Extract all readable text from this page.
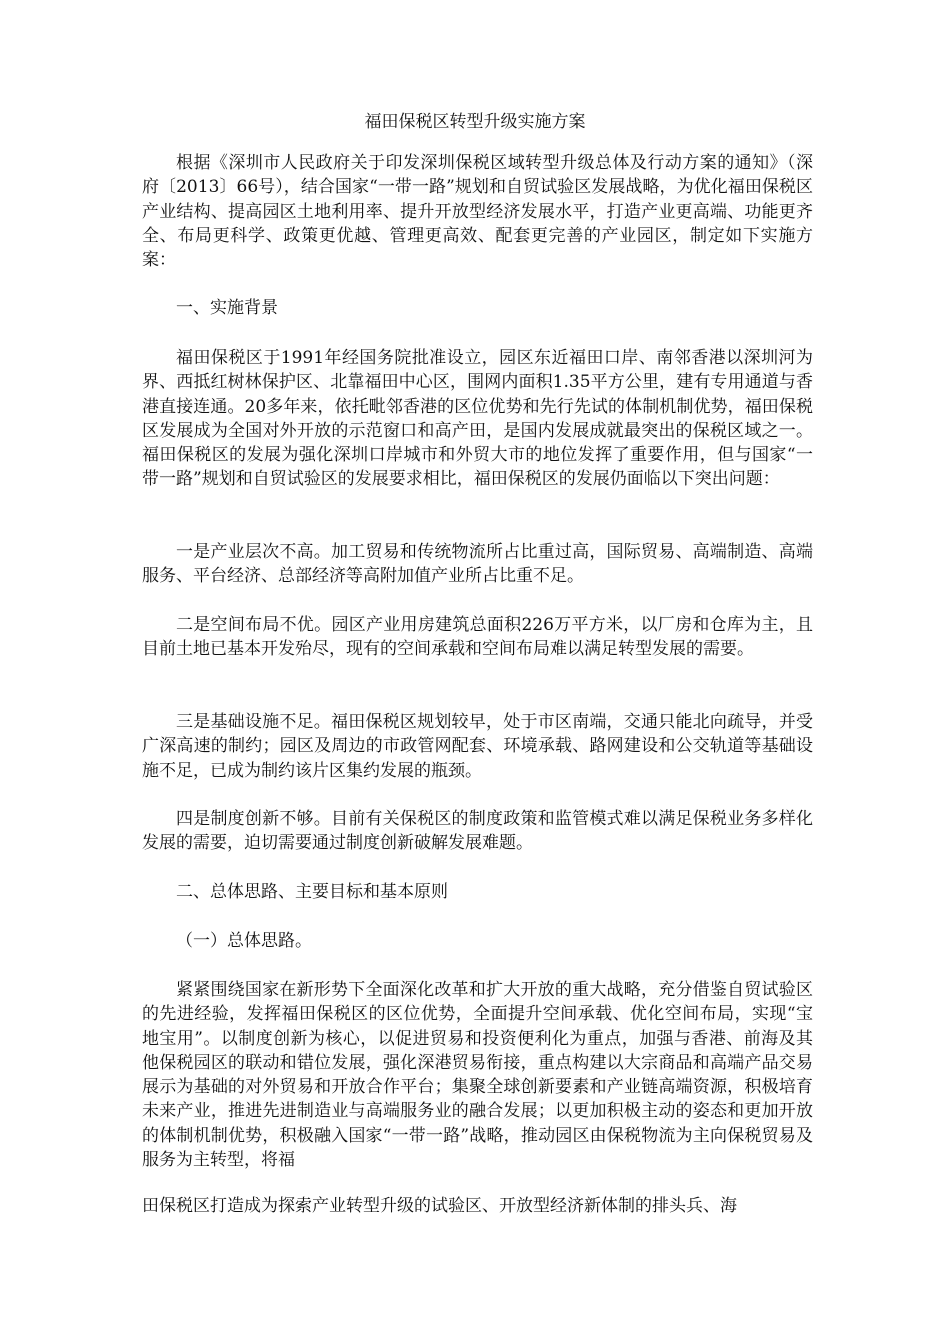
福田保税区转型升级实施方案

根据《深圳市人民政府关于印发深圳保税区域转型升级总体及行动方案的通知》（深府〔2013〕66号），结合国家“一带一路”规划和自贸试验区发展战略，为优化福田保税区产业结构、提高园区土地利用率、提升开放型经济发展水平，打造产业更高端、功能更齐全、布局更科学、政策更优越、管理更高效、配套更完善的产业园区，制定如下实施方案：

一、实施背景

福田保税区于1991年经国务院批准设立，园区东近福田口岸、南邻香港以深圳河为界、西抵红树林保护区、北靠福田中心区，围网内面积1.35平方公里，建有专用通道与香港直接连通。20多年来，依托毗邻香港的区位优势和先行先试的体制机制优势，福田保税区发展成为全国对外开放的示范窗口和高产田，是国内发展成就最突出的保税区域之一。福田保税区的发展为强化深圳口岸城市和外贸大市的地位发挥了重要作用，但与国家“一带一路”规划和自贸试验区的发展要求相比，福田保税区的发展仍面临以下突出问题：

一是产业层次不高。加工贸易和传统物流所占比重过高，国际贸易、高端制造、高端服务、平台经济、总部经济等高附加值产业所占比重不足。

二是空间布局不优。园区产业用房建筑总面积226万平方米，以厂房和仓库为主，且目前土地已基本开发殆尽，现有的空间承载和空间布局难以满足转型发展的需要。

三是基础设施不足。福田保税区规划较早，处于市区南端，交通只能北向疏导，并受广深高速的制约；园区及周边的市政管网配套、环境承载、路网建设和公交轨道等基础设施不足，已成为制约该片区集约发展的瓶颈。

四是制度创新不够。目前有关保税区的制度政策和监管模式难以满足保税业务多样化发展的需要，迫切需要通过制度创新破解发展难题。

二、总体思路、主要目标和基本原则

（一）总体思路。

紧紧围绕国家在新形势下全面深化改革和扩大开放的重大战略，充分借鉴自贸试验区的先进经验，发挥福田保税区的区位优势，全面提升空间承载、优化空间布局，实现“宝地宝用”。以制度创新为核心，以促进贸易和投资便利化为重点，加强与香港、前海及其他保税园区的联动和错位发展，强化深港贸易衔接，重点构建以大宗商品和高端产品交易展示为基础的对外贸易和开放合作平台；集聚全球创新要素和产业链高端资源，积极培育未来产业，推进先进制造业与高端服务业的融合发展；以更加积极主动的姿态和更加开放的体制机制优势，积极融入国家“一带一路”战略，推动园区由保税物流为主向保税贸易及服务为主转型，将福

田保税区打造成为探索产业转型升级的试验区、开放型经济新体制的排头兵、海
